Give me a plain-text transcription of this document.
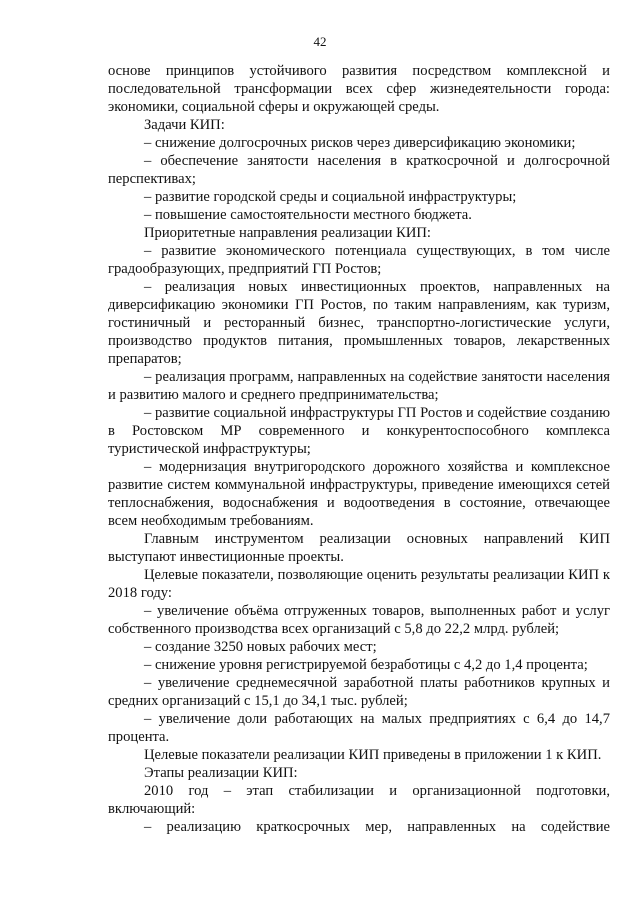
42

основе принципов устойчивого развития посредством комплексной и последовательной трансформации всех сфер жизнедеятельности города: экономики, социальной сферы и окружающей среды.

Задачи КИП:

– снижение долгосрочных рисков через диверсификацию экономики;

– обеспечение занятости населения в краткосрочной и долгосрочной перспективах;

– развитие городской среды и социальной инфраструктуры;

– повышение самостоятельности местного бюджета.

Приоритетные направления реализации КИП:

– развитие экономического потенциала существующих, в том числе градообразующих, предприятий ГП Ростов;

– реализация новых инвестиционных проектов, направленных на диверсификацию экономики ГП Ростов, по таким направлениям, как туризм, гостиничный и ресторанный бизнес, транспортно-логистические услуги, производство продуктов питания, промышленных товаров, лекарственных препаратов;

– реализация программ, направленных на содействие занятости населения и развитию малого и среднего предпринимательства;

– развитие социальной инфраструктуры ГП Ростов и содействие созданию в Ростовском МР современного и конкурентоспособного комплекса туристической инфраструктуры;

– модернизация внутригородского дорожного хозяйства и комплексное развитие систем коммунальной инфраструктуры, приведение имеющихся сетей теплоснабжения, водоснабжения и водоотведения в состояние, отвечающее всем необходимым требованиям.

Главным инструментом реализации основных направлений КИП выступают инвестиционные проекты.

Целевые показатели, позволяющие оценить результаты реализации КИП к 2018 году:

– увеличение объёма отгруженных товаров, выполненных работ и услуг собственного производства всех организаций с 5,8 до 22,2 млрд. рублей;

– создание 3250 новых рабочих мест;

– снижение уровня регистрируемой безработицы с 4,2 до 1,4 процента;

– увеличение среднемесячной заработной платы работников крупных и средних организаций с 15,1 до 34,1 тыс. рублей;

– увеличение доли работающих на малых предприятиях с 6,4 до 14,7 процента.

Целевые показатели реализации КИП приведены в приложении 1 к КИП.

Этапы реализации КИП:

2010 год – этап стабилизации и организационной подготовки, включающий:

– реализацию краткосрочных мер, направленных на содействие
